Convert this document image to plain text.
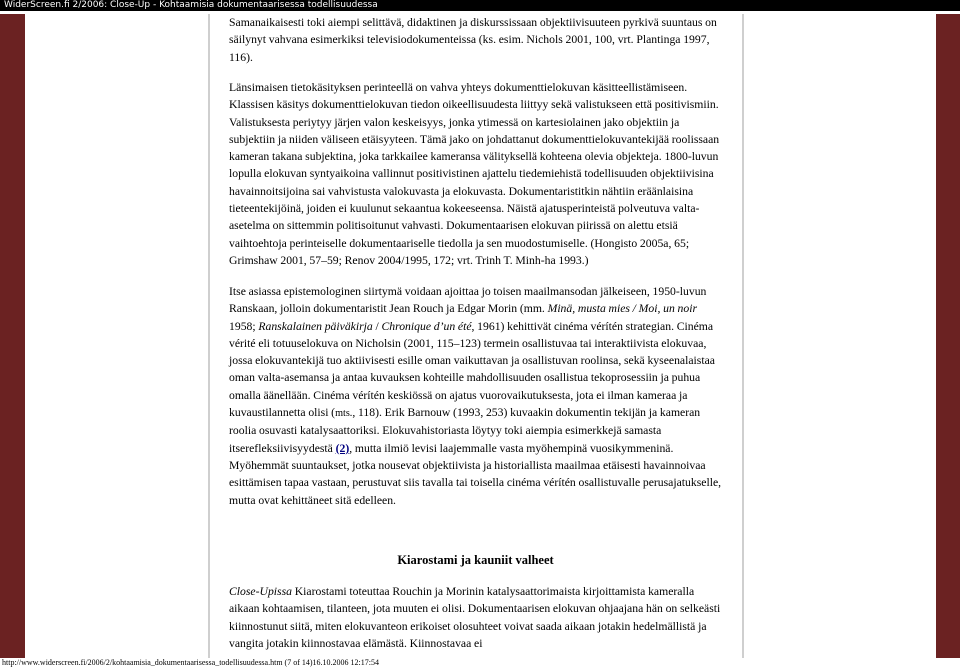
WiderScreen.fi 2/2006: Close-Up - Kohtaamisia dokumentaarisessa todellisuudessa

Samanaikaisesti toki aiempi selittävä, didaktinen ja diskurssissaan objektiivisuuteen pyrkivä suuntaus on säilynyt vahvana esimerkiksi televisiodokumenteissa (ks. esim. Nichols 2001, 100, vrt. Plantinga 1997, 116).

Länsimaisen tietokäsityksen perinteellä on vahva yhteys dokumenttielokuvan käsitteellistämiseen. Klassisen käsitys dokumenttielokuvan tiedon oikeellisuudesta liittyy sekä valistukseen että positivismiin. Valistuksesta periytyy järjen valon keskeisyys, jonka ytimessä on kartesiolainen jako objektiin ja subjektiin ja niiden väliseen etäisyyteen. Tämä jako on johdattanut dokumenttielokuvantekijää roolissaan kameran takana subjektina, joka tarkkailee kameransa välityksellä kohteena olevia objekteja. 1800-luvun lopulla elokuvan syntyaikoina vallinnut positivistinen ajattelu tiedemiehistä todellisuuden objektiivisina havainnoitsijoina sai vahvistusta valokuvasta ja elokuvasta. Dokumentaristitkin nähtiin eräänlaisina tieteentekijöinä, joiden ei kuulunut sekaantua kokeeseensa. Näistä ajatusperinteistä polveutuva valta-asetelma on sittemmin politisoitunut vahvasti. Dokumentaarisen elokuvan piirissä on alettu etsiä vaihtoehtoja perinteiselle dokumentaariselle tiedolla ja sen muodostumiselle. (Hongisto 2005a, 65; Grimshaw 2001, 57–59; Renov 2004/1995, 172; vrt. Trinh T. Minh-ha 1993.)

Itse asiassa epistemologinen siirtymä voidaan ajoittaa jo toisen maailmansodan jälkeiseen, 1950-luvun Ranskaan, jolloin dokumentaristit Jean Rouch ja Edgar Morin (mm. Minä, musta mies / Moi, un noir 1958; Ranskalainen päiväkirja / Chronique d’un été, 1961) kehittivät cinéma vérítén strategian. Cinéma vérité eli totuuselokuva on Nicholsin (2001, 115–123) termein osallistuvaa tai interaktiivista elokuvaa, jossa elokuvantekijä tuo aktiivisesti esille oman vaikuttavan ja osallistuvan roolinsa, sekä kyseenalaistaa oman valta-asemansa ja antaa kuvauksen kohteille mahdollisuuden osallistua tekoprosessiin ja puhua omalla äänellään. Cinéma vérítén keskiössä on ajatus vuorovaikutuksesta, jota ei ilman kameraa ja kuvaustilannetta olisi (mts., 118). Erik Barnouw (1993, 253) kuvaakin dokumentin tekijän ja kameran roolia osuvasti katalysaattoriksi. Elokuvahistoriasta löytyy toki aiempia esimerkkejä samasta itserefleksiivisyydestä (2), mutta ilmiö levisi laajemmalle vasta myöhempinä vuosikymmeninä. Myöhemmät suuntaukset, jotka nousevat objektiivista ja historiallista maailmaa etäisesti havainnoivaa esittämisen tapaa vastaan, perustuvat siis tavalla tai toisella cinéma vérítén osallistuvalle perusajatukselle, mutta ovat kehittäneet sitä edelleen.

Kiarostami ja kauniit valheet

Close-Upissa Kiarostami toteuttaa Rouchin ja Morinin katalysaattorimaista kirjoittamista kameralla aikaan kohtaamisen, tilanteen, jota muuten ei olisi. Dokumentaarisen elokuvan ohjaajana hän on selkeästi kiinnostunut siitä, miten elokuvanteon erikoiset olosuhteet voivat saada aikaan jotakin hedelmällistä ja vangita jotakin kiinnostavaa elämästä. Kiinnostavaa ei

http://www.widerscreen.fi/2006/2/kohtaamisia_dokumentaarisessa_todellisuudessa.htm (7 of 14)16.10.2006 12:17:54
